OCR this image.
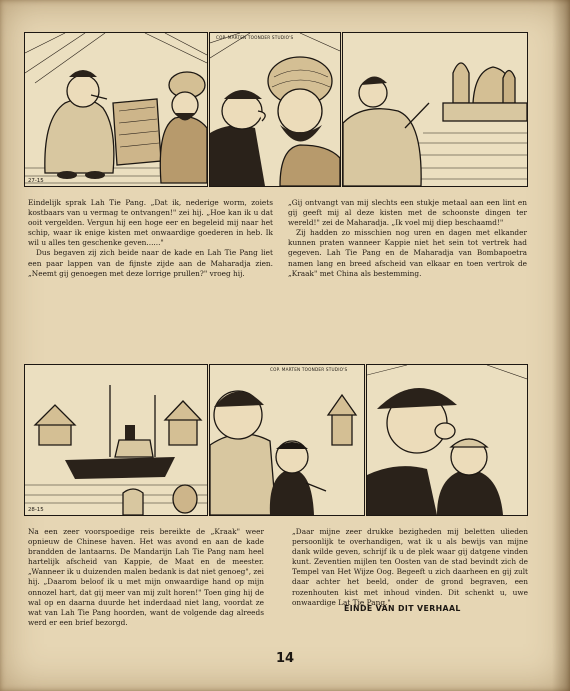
27-15
COP. MARTEN TOONDER STUDIO'S

Eindelijk sprak Lah Tie Pang. „Dat ik, nederige worm, zoiets kostbaars van u vermag te ontvangen!" zei hij. „Hoe kan ik u dat ooit vergelden. Vergun hij een hoge eer en begeleid mij naar het schip, waar ik enige kisten met onwaardige goederen in heb. Ik wil u alles ten geschenke geven......"

Dus begaven zij zich beide naar de kade en Lah Tie Pang liet een paar lappen van de fijnste zijde aan de Maharadja zien. „Neemt gij genoegen met deze lorrige prullen?" vroeg hij.

„Gij ontvangt van mij slechts een stukje metaal aan een lint en gij geeft mij al deze kisten met de schoonste dingen ter wereld!" zei de Maharadja. „Ik voel mij diep beschaamd!"

Zij hadden zo misschien nog uren en dagen met elkander kunnen praten wanneer Kappie niet het sein tot vertrek had gegeven. Lah Tie Pang en de Maharadja van Bombapoetra namen lang en breed afscheid van elkaar en toen vertrok de „Kraak" met China als bestemming.

28-15
COP. MARTEN TOONDER STUDIO'S

Na een zeer voorspoedige reis bereikte de „Kraak" weer opnieuw de Chinese haven. Het was avond en aan de kade brandden de lantaarns. De Mandarijn Lah Tie Pang nam heel hartelijk afscheid van Kappie, de Maat en de meester. „Wanneer ik u duizenden malen bedank is dat niet genoeg", zei hij. „Daarom beloof ik u met mijn onwaardige hand op mijn onnozel hart, dat gij meer van mij zult horen!" Toen ging hij de wal op en daarna duurde het inderdaad niet lang, voordat ze wat van Lah Tie Pang hoorden, want de volgende dag alreeds werd er een brief bezorgd.

„Daar mijne zeer drukke bezigheden mij beletten ulieden persoonlijk te overhandigen, wat ik u als bewijs van mijne dank wilde geven, schrijf ik u de plek waar gij datgene vinden kunt. Zeventien mijlen ten Oosten van de stad bevindt zich de Tempel van Het Wijze Oog. Begeeft u zich daarheen en gij zult daar achter het beeld, onder de grond begraven, een rozenhouten kist met inhoud vinden. Dit schenkt u, uwe onwaardige Lat Tie Pang."

EINDE VAN DIT VERHAAL
14
